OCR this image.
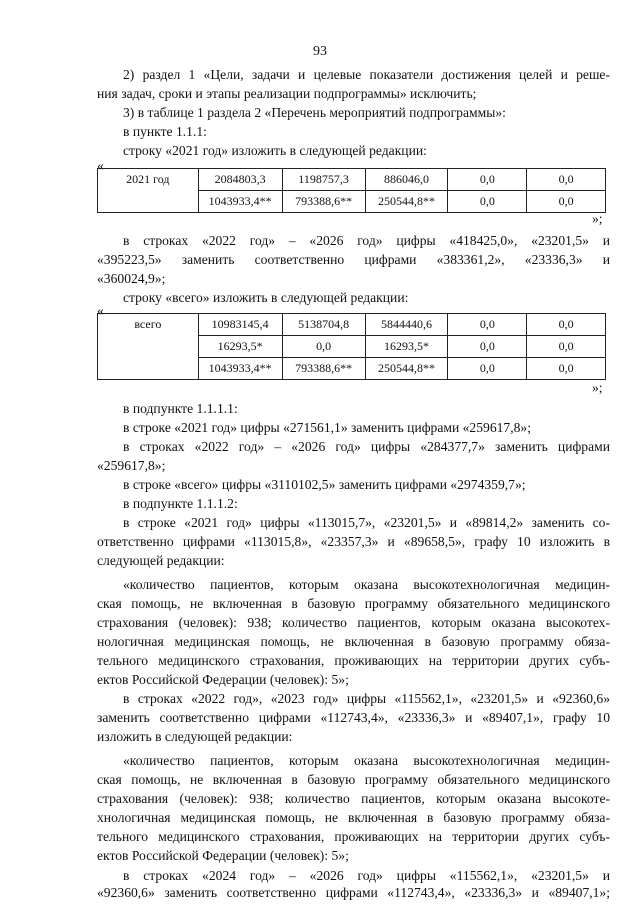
93
2) раздел 1 «Цели, задачи и целевые показатели достижения целей и реше-
ния задач, сроки и этапы реализации подпрограммы» исключить;
3) в таблице 1 раздела 2 «Перечень мероприятий подпрограммы»:
в пункте 1.1.1:
строку «2021 год» изложить в следующей редакции:
«
2021 год	2084803,3	1198757,3	886046,0	0,0	0,0
	1043933,4**	793388,6**	250544,8**	0,0	0,0
»;
в строках «2022 год» – «2026 год» цифры «418425,0», «23201,5» и
«395223,5» заменить соответственно цифрами «383361,2», «23336,3» и
«360024,9»;
строку «всего» изложить в следующей редакции:
«
всего	10983145,4	5138704,8	5844440,6	0,0	0,0
	16293,5*	0,0	16293,5*	0,0	0,0
	1043933,4**	793388,6**	250544,8**	0,0	0,0
»;
в подпункте 1.1.1.1:
в строке «2021 год» цифры «271561,1» заменить цифрами «259617,8»;
в строках «2022 год» – «2026 год» цифры «284377,7» заменить цифрами
«259617,8»;
в строке «всего» цифры «3110102,5» заменить цифрами «2974359,7»;
в подпункте 1.1.1.2:
в строке «2021 год» цифры «113015,7», «23201,5» и «89814,2» заменить со-
ответственно цифрами «113015,8», «23357,3» и «89658,5», графу 10 изложить в
следующей редакции:
«количество пациентов, которым оказана высокотехнологичная медицин-
ская помощь, не включенная в базовую программу обязательного медицинского
страхования (человек): 938; количество пациентов, которым оказана высокотех-
нологичная медицинская помощь, не включенная в базовую программу обяза-
тельного медицинского страхования, проживающих на территории других субъ-
ектов Российской Федерации (человек): 5»;
в строках «2022 год», «2023 год» цифры «115562,1», «23201,5» и «92360,6»
заменить соответственно цифрами «112743,4», «23336,3» и «89407,1», графу 10
изложить в следующей редакции:
«количество пациентов, которым оказана высокотехнологичная медицин-
ская помощь, не включенная в базовую программу обязательного медицинского
страхования (человек): 938; количество пациентов, которым оказана высокоте-
хнологичная медицинская помощь, не включенная в базовую программу обяза-
тельного медицинского страхования, проживающих на территории других субъ-
ектов Российской Федерации (человек): 5»;
в строках «2024 год» – «2026 год» цифры «115562,1», «23201,5» и
«92360,6» заменить соответственно цифрами «112743,4», «23336,3» и «89407,1»;
